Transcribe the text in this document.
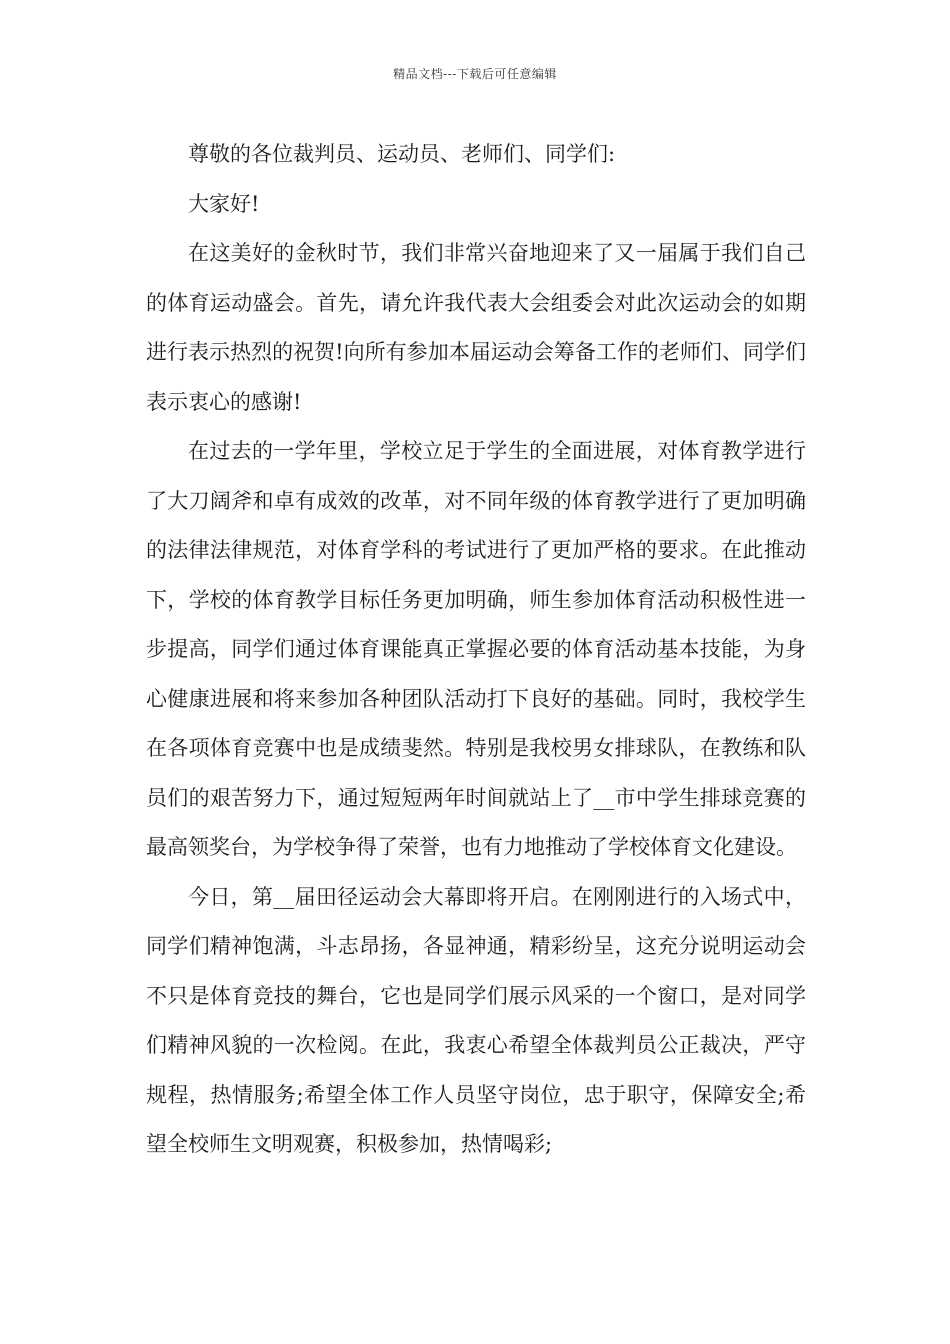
精品文档---下载后可任意编辑

尊敬的各位裁判员、运动员、老师们、同学们:

大家好!

在这美好的金秋时节，我们非常兴奋地迎来了又一届属于我们自己的体育运动盛会。首先，请允许我代表大会组委会对此次运动会的如期进行表示热烈的祝贺!向所有参加本届运动会筹备工作的老师们、同学们表示衷心的感谢!

在过去的一学年里，学校立足于学生的全面进展，对体育教学进行了大刀阔斧和卓有成效的改革，对不同年级的体育教学进行了更加明确的法律法律规范，对体育学科的考试进行了更加严格的要求。在此推动下，学校的体育教学目标任务更加明确，师生参加体育活动积极性进一步提高，同学们通过体育课能真正掌握必要的体育活动基本技能，为身心健康进展和将来参加各种团队活动打下良好的基础。同时，我校学生在各项体育竞赛中也是成绩斐然。特别是我校男女排球队，在教练和队员们的艰苦努力下，通过短短两年时间就站上了__市中学生排球竞赛的最高领奖台，为学校争得了荣誉，也有力地推动了学校体育文化建设。

今日，第__届田径运动会大幕即将开启。在刚刚进行的入场式中，同学们精神饱满，斗志昂扬，各显神通，精彩纷呈，这充分说明运动会不只是体育竞技的舞台，它也是同学们展示风采的一个窗口，是对同学们精神风貌的一次检阅。在此，我衷心希望全体裁判员公正裁决，严守规程，热情服务;希望全体工作人员坚守岗位，忠于职守，保障安全;希望全校师生文明观赛，积极参加，热情喝彩;
